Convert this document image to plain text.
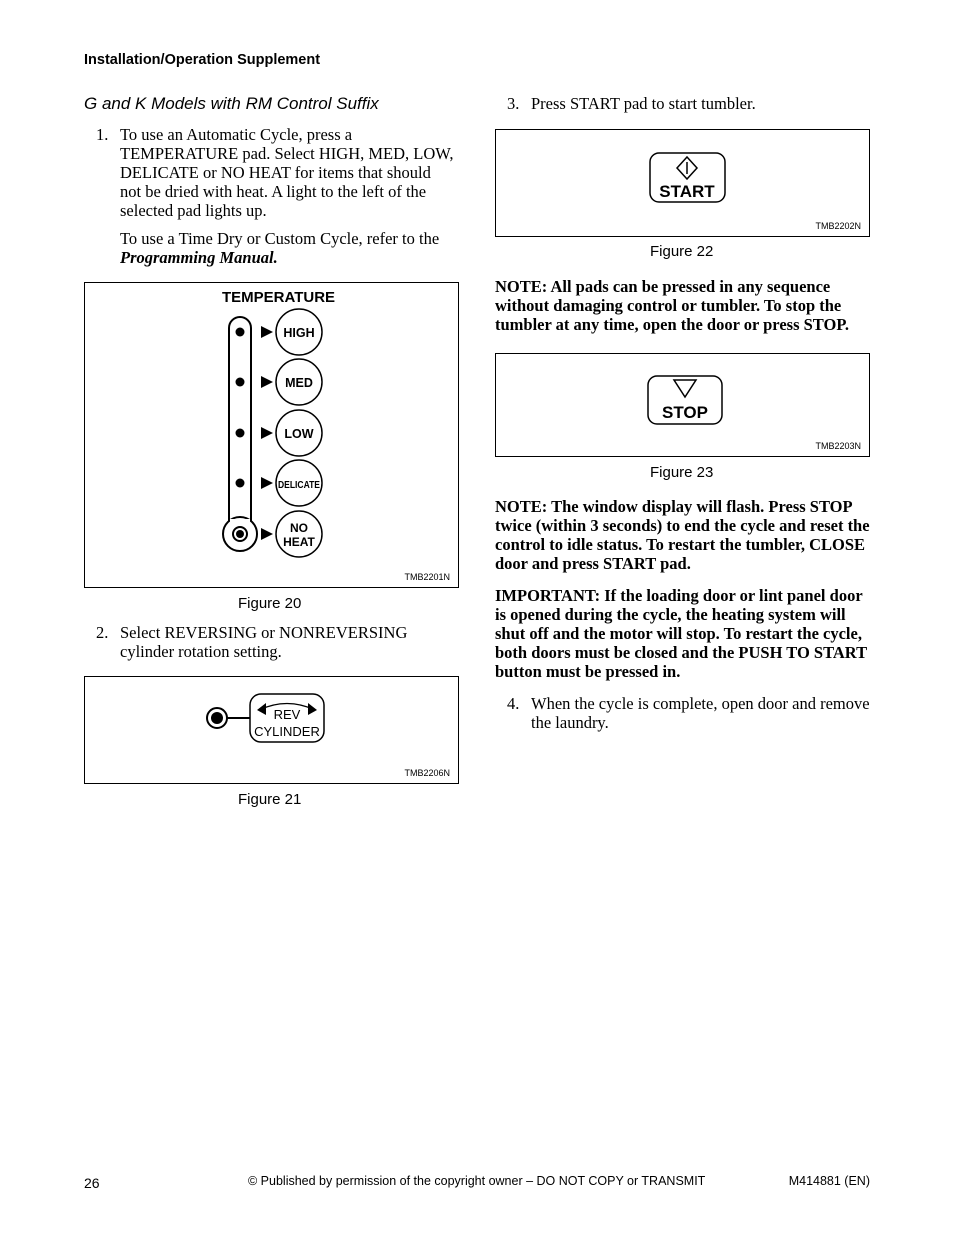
Installation/Operation Supplement
G and K Models with RM Control Suffix
1. To use an Automatic Cycle, press a TEMPERATURE pad. Select HIGH, MED, LOW, DELICATE or NO HEAT for items that should not be dried with heat. A light to the left of the selected pad lights up.
To use a Time Dry or Custom Cycle, refer to the Programming Manual.
TEMPERATURE
HIGH
MED
LOW
DELICATE
NO
HEAT
TMB2201N
Figure 20
2. Select REVERSING or NONREVERSING cylinder rotation setting.
REV
CYLINDER
TMB2206N
Figure 21
3. Press START pad to start tumbler.
START
TMB2202N
Figure 22
NOTE: All pads can be pressed in any sequence without damaging control or tumbler. To stop the tumbler at any time, open the door or press STOP.
STOP
TMB2203N
Figure 23
NOTE: The window display will flash. Press STOP twice (within 3 seconds) to end the cycle and reset the control to idle status. To restart the tumbler, CLOSE door and press START pad.
IMPORTANT: If the loading door or lint panel door is opened during the cycle, the heating system will shut off and the motor will stop. To restart the cycle, both doors must be closed and the PUSH TO START button must be pressed in.
4. When the cycle is complete, open door and remove the laundry.
26	© Published by permission of the copyright owner – DO NOT COPY or TRANSMIT	M414881 (EN)
